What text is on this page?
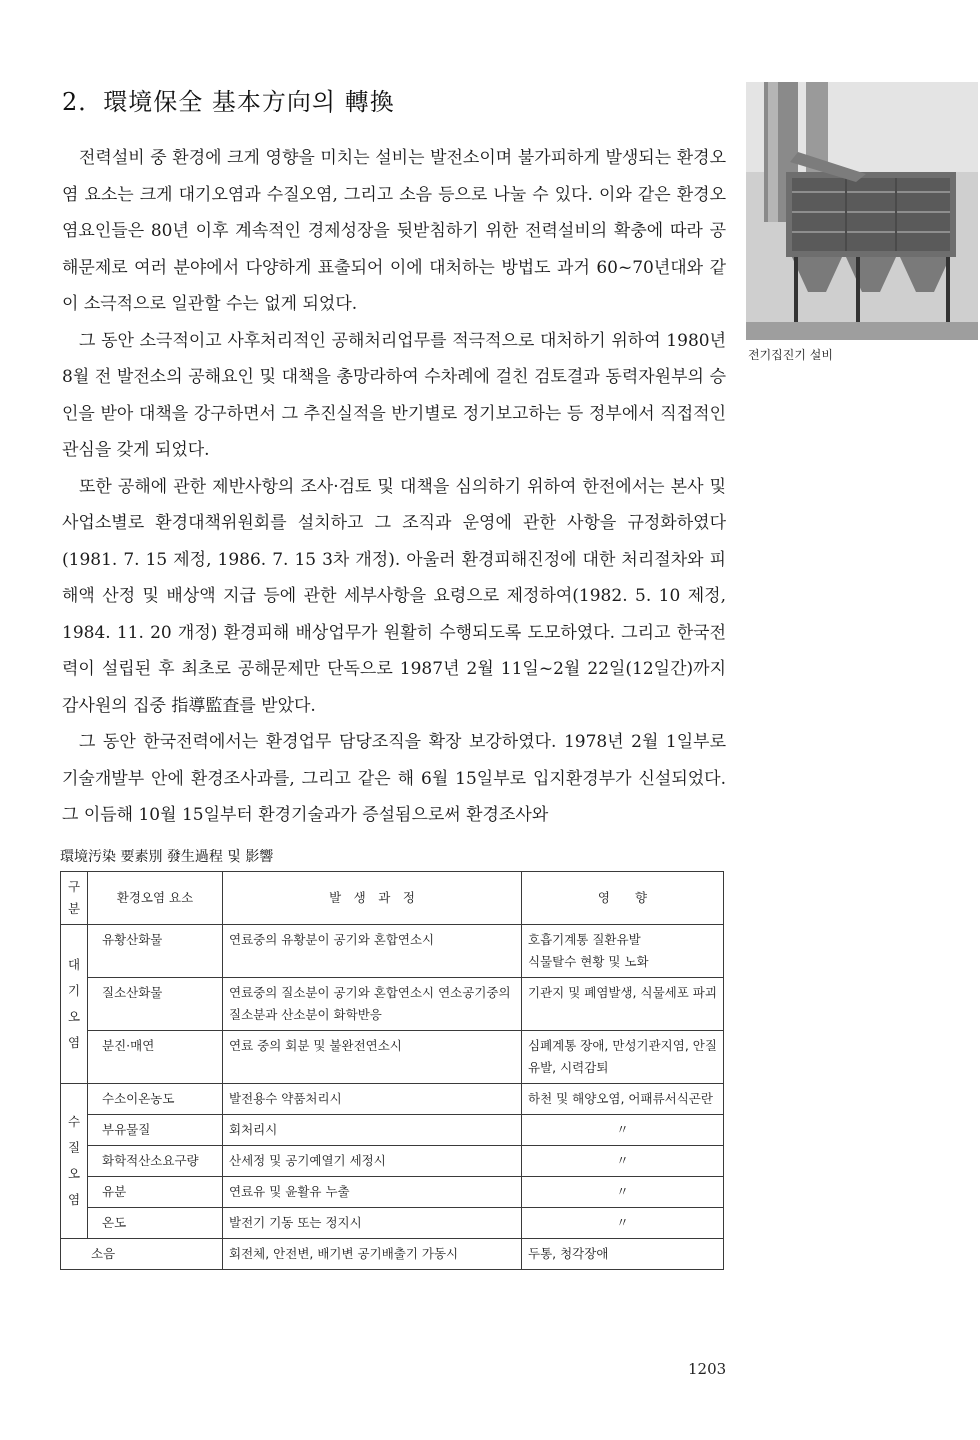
2．環境保全 基本方向의 轉換
전기집진기 설비

전력설비 중 환경에 크게 영향을 미치는 설비는 발전소이며 불가피하게 발생되는 환경오염 요소는 크게 대기오염과 수질오염, 그리고 소음 등으로 나눌 수 있다. 이와 같은 환경오염요인들은 80년 이후 계속적인 경제성장을 뒷받침하기 위한 전력설비의 확충에 따라 공해문제로 여러 분야에서 다양하게 표출되어 이에 대처하는 방법도 과거 60~70년대와 같이 소극적으로 일관할 수는 없게 되었다.

그 동안 소극적이고 사후처리적인 공해처리업무를 적극적으로 대처하기 위하여 1980년 8월 전 발전소의 공해요인 및 대책을 총망라하여 수차례에 걸친 검토결과 동력자원부의 승인을 받아 대책을 강구하면서 그 추진실적을 반기별로 정기보고하는 등 정부에서 직접적인 관심을 갖게 되었다.

또한 공해에 관한 제반사항의 조사·검토 및 대책을 심의하기 위하여 한전에서는 본사 및 사업소별로 환경대책위원회를 설치하고 그 조직과 운영에 관한 사항을 규정화하였다(1981. 7. 15 제정, 1986. 7. 15 3차 개정). 아울러 환경피해진정에 대한 처리절차와 피해액 산정 및 배상액 지급 등에 관한 세부사항을 요령으로 제정하여(1982. 5. 10 제정, 1984. 11. 20 개정) 환경피해 배상업무가 원활히 수행되도록 도모하였다. 그리고 한국전력이 설립된 후 최초로 공해문제만 단독으로 1987년 2월 11일~2월 22일(12일간)까지 감사원의 집중 指導監査를 받았다.

그 동안 한국전력에서는 환경업무 담당조직을 확장 보강하였다. 1978년 2월 1일부로 기술개발부 안에 환경조사과를, 그리고 같은 해 6월 15일부로 입지환경부가 신설되었다. 그 이듬해 10월 15일부터 환경기술과가 증설됨으로써 환경조사와

環境汚染 要素別 發生過程 및 影響
구분	환경오염 요소	발　생　과　정	영　　향
대
기
오
염	유황산화물	연료중의 유황분이 공기와 혼합연소시	호흡기계통 질환유발
식물탈수 현황 및 노화
	질소산화물	연료중의 질소분이 공기와 혼합연소시 연소공기중의 질소분과 산소분이 화학반응	기관지 및 폐염발생, 식물세포 파괴
	분진·매연	연료 중의 회분 및 불완전연소시	심폐계통 장애, 만성기관지염, 안질유발, 시력감퇴
수
질
오
염	수소이온농도	발전용수 약품처리시	하천 및 해양오염, 어패류서식곤란
	부유물질	회처리시	〃
	화학적산소요구량	산세정 및 공기예열기 세정시	〃
	유분	연료유 및 윤활유 누출	〃
	온도	발전기 기동 또는 정지시	〃
소음		회전체, 안전변, 배기변 공기배출기 가동시	두통, 청각장애
1203
